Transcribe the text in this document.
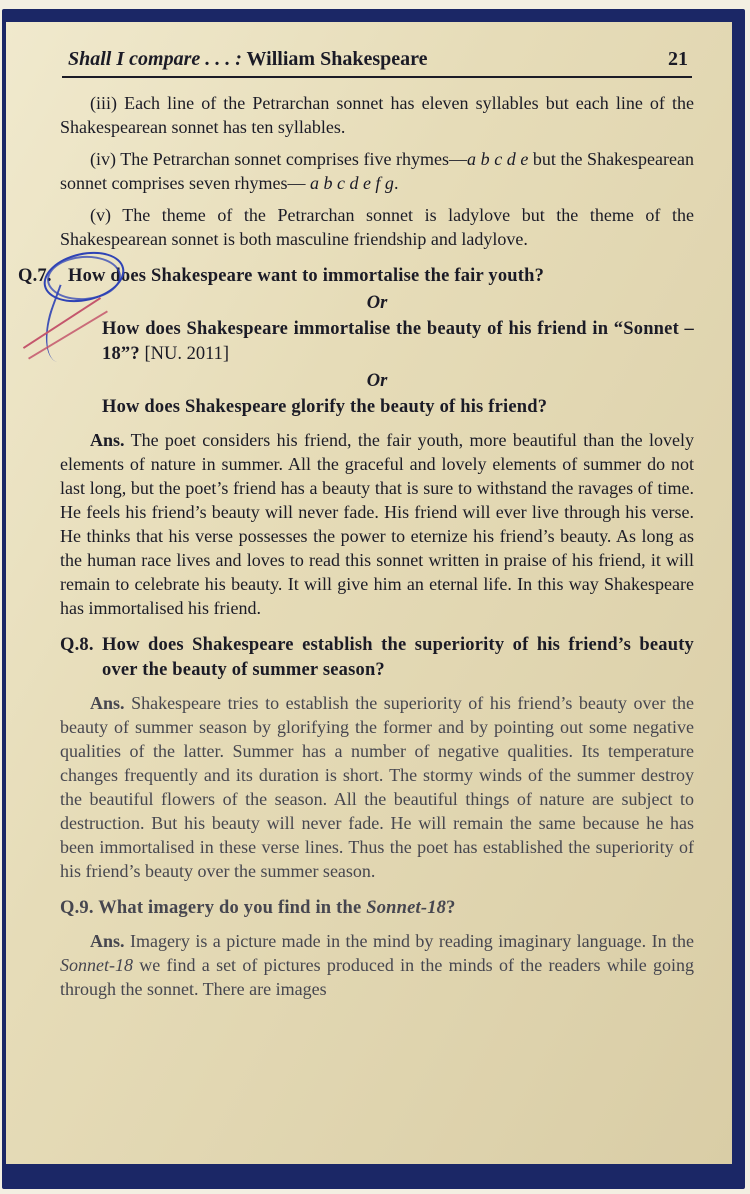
Shall I compare . . . : William Shakespeare	21

(iii) Each line of the Petrarchan sonnet has eleven syllables but each line of the Shakespearean sonnet has ten syllables.

(iv) The Petrarchan sonnet comprises five rhymes—a b c d e but the Shakespearean sonnet comprises seven rhymes— a b c d e f g.

(v) The theme of the Petrarchan sonnet is ladylove but the theme of the Shakespearean sonnet is both masculine friendship and ladylove.

Q.7. How does Shakespeare want to immortalise the fair youth?

Or

How does Shakespeare immortalise the beauty of his friend in “Sonnet – 18”? [NU. 2011]

Or

How does Shakespeare glorify the beauty of his friend?

Ans. The poet considers his friend, the fair youth, more beautiful than the lovely elements of nature in summer. All the graceful and lovely elements of summer do not last long, but the poet’s friend has a beauty that is sure to withstand the ravages of time. He feels his friend’s beauty will never fade. His friend will ever live through his verse. He thinks that his verse possesses the power to eternize his friend’s beauty. As long as the human race lives and loves to read this sonnet written in praise of his friend, it will remain to celebrate his beauty. It will give him an eternal life. In this way Shakespeare has immortalised his friend.

Q.8. How does Shakespeare establish the superiority of his friend’s beauty over the beauty of summer season?

Ans. Shakespeare tries to establish the superiority of his friend’s beauty over the beauty of summer season by glorifying the former and by pointing out some negative qualities of the latter. Summer has a number of negative qualities. Its temperature changes frequently and its duration is short. The stormy winds of the summer destroy the beautiful flowers of the season. All the beautiful things of nature are subject to destruction. But his beauty will never fade. He will remain the same because he has been immortalised in these verse lines. Thus the poet has established the superiority of his friend’s beauty over the summer season.

Q.9. What imagery do you find in the Sonnet-18?

Ans. Imagery is a picture made in the mind by reading imaginary language. In the Sonnet-18 we find a set of pictures produced in the minds of the readers while going through the sonnet. There are images
